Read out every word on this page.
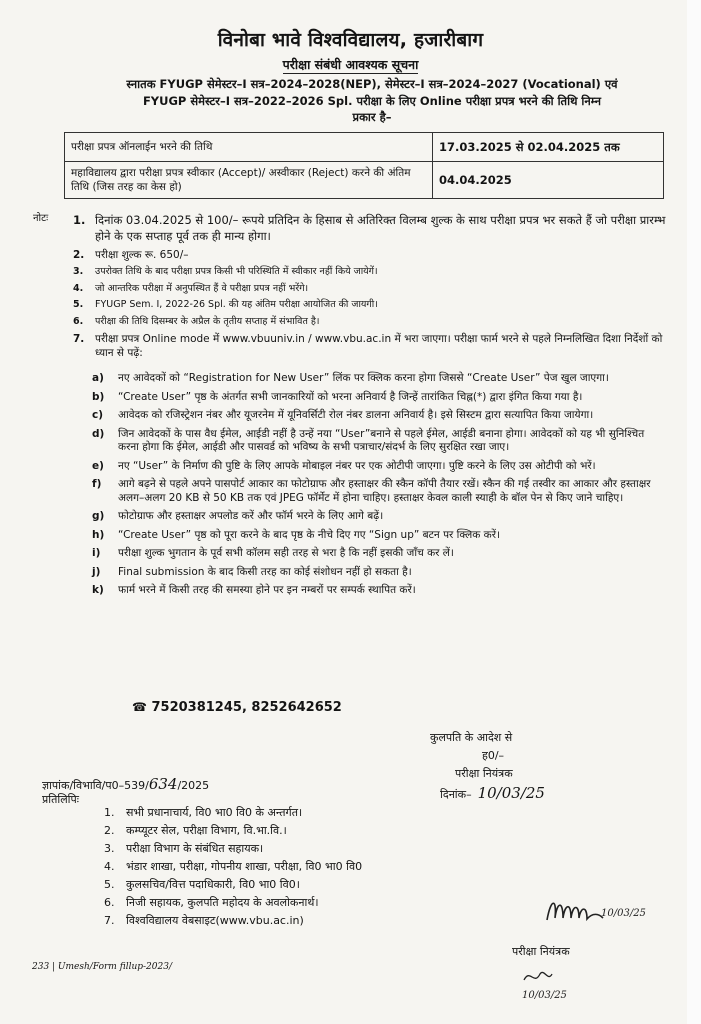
विनोबा भावे विश्वविद्यालय, हजारीबाग
परीक्षा संबंधी आवश्यक सूचना
स्नातक FYUGP सेमेस्टर–I सत्र–2024–2028(NEP), सेमेस्टर–I सत्र–2024–2027 (Vocational) एवं
FYUGP सेमेस्टर–I सत्र–2022–2026 Spl. परीक्षा के लिए Online परीक्षा प्रपत्र भरने की तिथि निम्न
प्रकार है–
परीक्षा प्रपत्र ऑनलाईन भरने की तिथि	17.03.2025 से 02.04.2025 तक
महाविद्यालय द्वारा परीक्षा प्रपत्र स्वीकार (Accept)/ अस्वीकार (Reject) करने की अंतिम तिथि (जिस तरह का केस हो)	04.04.2025
नोटः 1. दिनांक 03.04.2025 से 100/– रूपये प्रतिदिन के हिसाब से अतिरिक्त विलम्ब शुल्क के साथ परीक्षा प्रपत्र भर सकते हैं जो परीक्षा प्रारम्भ होने के एक सप्ताह पूर्व तक ही मान्य होगा।
2. परीक्षा शुल्क रू. 650/–
3. उपरोक्त तिथि के बाद परीक्षा प्रपत्र किसी भी परिस्थिति में स्वीकार नहीं किये जायेगें।
4. जो आन्तरिक परीक्षा में अनुपस्थित हैं वे परीक्षा प्रपत्र नहीं भरेंगे।
5. FYUGP Sem. I, 2022-26 Spl. की यह अंतिम परीक्षा आयोजित की जायगी।
6. परीक्षा की तिथि दिसम्बर के अप्रैल के तृतीय सप्ताह में संभावित है।
7. परीक्षा प्रपत्र Online mode में www.vbuuniv.in / www.vbu.ac.in में भरा जाएगा। परीक्षा फार्म भरने से पहले निम्नलिखित दिशा निर्देशों को ध्यान से पढ़ें:
a) नए आवेदकों को “Registration for New User” लिंक पर क्लिक करना होगा जिससे “Create User” पेज खुल जाएगा।
b) “Create User” पृष्ठ के अंतर्गत सभी जानकारियों को भरना अनिवार्य है जिन्हें तारांकित चिह्न(*) द्वारा इंगित किया गया है।
c) आवेदक को रजिस्ट्रेशन नंबर और यूजरनेम में यूनिवर्सिटी रोल नंबर डालना अनिवार्य है। इसे सिस्टम द्वारा सत्यापित किया जायेगा।
d) जिन आवेदकों के पास वैध ईमेल, आईडी नहीं है उन्हें नया “User”बनाने से पहले ईमेल, आईडी बनाना होगा। आवेदकों को यह भी सुनिश्चित करना होगा कि ईमेल, आईडी और पासवर्ड को भविष्य के सभी पत्राचार/संदर्भ के लिए सुरक्षित रखा जाए।
e) नए “User” के निर्माण की पुष्टि के लिए आपके मोबाइल नंबर पर एक ओटीपी जाएगा। पुष्टि करने के लिए उस ओटीपी को भरें।
f) आगे बढ़ने से पहले अपने पासपोर्ट आकार का फोटोग्राफ और हस्ताक्षर की स्कैन कॉपी तैयार रखें। स्कैन की गई तस्वीर का आकार और हस्ताक्षर अलग–अलग 20 KB से 50 KB तक एवं JPEG फॉर्मेट में होना चाहिए। हस्ताक्षर केवल काली स्याही के बॉल पेन से किए जाने चाहिए।
g) फोटोग्राफ और हस्ताक्षर अपलोड करें और फॉर्म भरने के लिए आगे बढ़ें।
h) “Create User” पृष्ठ को पूरा करने के बाद पृष्ठ के नीचे दिए गए “Sign up” बटन पर क्लिक करें।
i) परीक्षा शुल्क भुगतान के पूर्व सभी कॉलम सही तरह से भरा है कि नहीं इसकी जाँच कर लें।
j) Final submission के बाद किसी तरह का कोई संशोधन नहीं हो सकता है।
k) फार्म भरने में किसी तरह की समस्या होने पर इन नम्बरों पर सम्पर्क स्थापित करें।
☎ 7520381245, 8252642652
कुलपति के आदेश से
ह0/–
परीक्षा नियंत्रक
दिनांक– 10/03/25
ज्ञापांक/विभावि/प0–539/634/2025
प्रतिलिपिः
1. सभी प्रधानाचार्य, वि0 भा0 वि0 के अन्तर्गत।
2. कम्प्यूटर सेल, परीक्षा विभाग, वि.भा.वि.।
3. परीक्षा विभाग के संबंधित सहायक।
4. भंडार शाखा, परीक्षा, गोपनीय शाखा, परीक्षा, वि0 भा0 वि0
5. कुलसचिव/वित्त पदाधिकारी, वि0 भा0 वि0।
6. निजी सहायक, कुलपति महोदय के अवलोकनार्थ।
7. विश्वविद्यालय वेबसाइट(www.vbu.ac.in)
10/03/25
परीक्षा नियंत्रक
10/03/25
233 | Umesh/Form fillup-2023/
